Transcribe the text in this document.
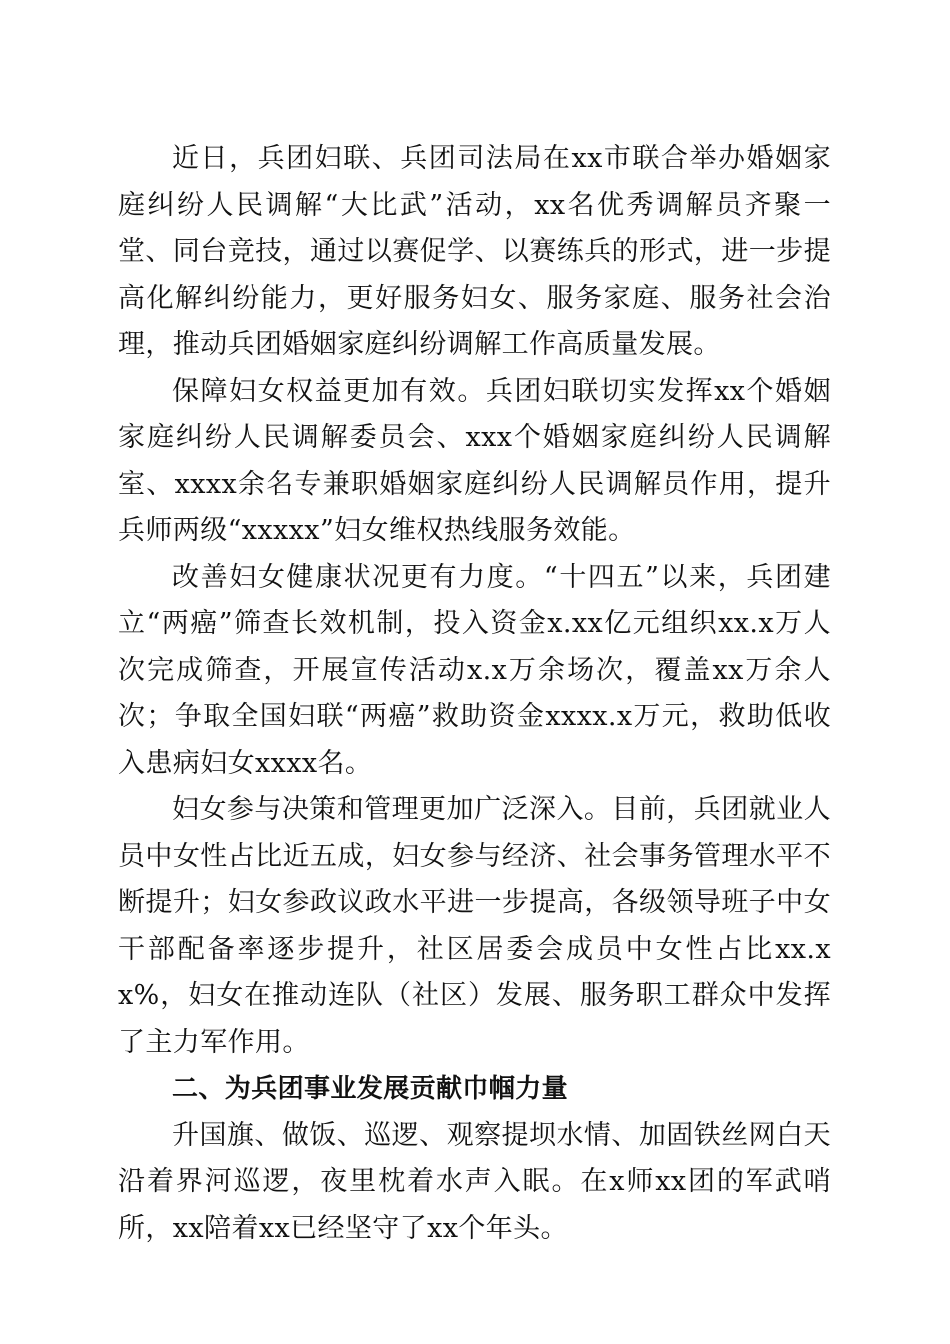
近日，兵团妇联、兵团司法局在xx市联合举办婚姻家庭纠纷人民调解“大比武”活动，xx名优秀调解员齐聚一堂、同台竞技，通过以赛促学、以赛练兵的形式，进一步提高化解纠纷能力，更好服务妇女、服务家庭、服务社会治理，推动兵团婚姻家庭纠纷调解工作高质量发展。

保障妇女权益更加有效。兵团妇联切实发挥xx个婚姻家庭纠纷人民调解委员会、xxx个婚姻家庭纠纷人民调解室、xxxx余名专兼职婚姻家庭纠纷人民调解员作用，提升兵师两级“xxxxx”妇女维权热线服务效能。

改善妇女健康状况更有力度。“十四五”以来，兵团建立“两癌”筛查长效机制，投入资金x.xx亿元组织xx.x万人次完成筛查，开展宣传活动x.x万余场次，覆盖xx万余人次；争取全国妇联“两癌”救助资金xxxx.x万元，救助低收入患病妇女xxxx名。

妇女参与决策和管理更加广泛深入。目前，兵团就业人员中女性占比近五成，妇女参与经济、社会事务管理水平不断提升；妇女参政议政水平进一步提高，各级领导班子中女干部配备率逐步提升，社区居委会成员中女性占比xx.xx%，妇女在推动连队（社区）发展、服务职工群众中发挥了主力军作用。

二、为兵团事业发展贡献巾帼力量

升国旗、做饭、巡逻、观察提坝水情、加固铁丝网白天沿着界河巡逻，夜里枕着水声入眠。在x师xx团的军武哨所，xx陪着xx已经坚守了xx个年头。
